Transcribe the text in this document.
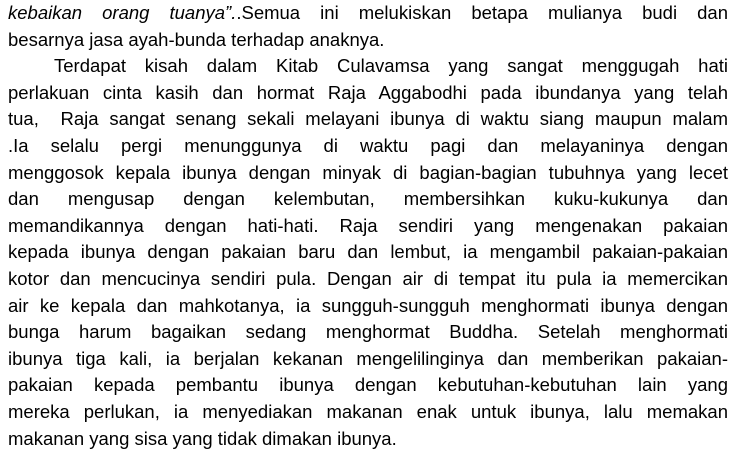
kebaikan orang tuanya”..Semua ini melukiskan betapa mulianya budi dan
besarnya jasa ayah-bunda terhadap anaknya.
Terdapat kisah dalam Kitab Culavamsa yang sangat menggugah hati
perlakuan cinta kasih dan hormat Raja Aggabodhi pada ibundanya yang telah
tua,  Raja sangat senang sekali melayani ibunya di waktu siang maupun malam
.Ia selalu pergi menunggunya di waktu pagi dan melayaninya dengan
menggosok kepala ibunya dengan minyak di bagian-bagian tubuhnya yang lecet
dan mengusap dengan kelembutan, membersihkan kuku-kukunya dan
memandikannya dengan hati-hati. Raja sendiri yang mengenakan pakaian
kepada ibunya dengan pakaian baru dan lembut, ia mengambil pakaian-pakaian
kotor dan mencucinya sendiri pula. Dengan air di tempat itu pula ia memercikan
air ke kepala dan mahkotanya, ia sungguh-sungguh menghormati ibunya dengan
bunga harum bagaikan sedang menghormat Buddha. Setelah menghormati
ibunya tiga kali, ia berjalan kekanan mengelilinginya dan memberikan pakaian-
pakaian kepada pembantu ibunya dengan kebutuhan-kebutuhan lain yang
mereka perlukan, ia menyediakan makanan enak untuk ibunya, lalu memakan
makanan yang sisa yang tidak dimakan ibunya.
